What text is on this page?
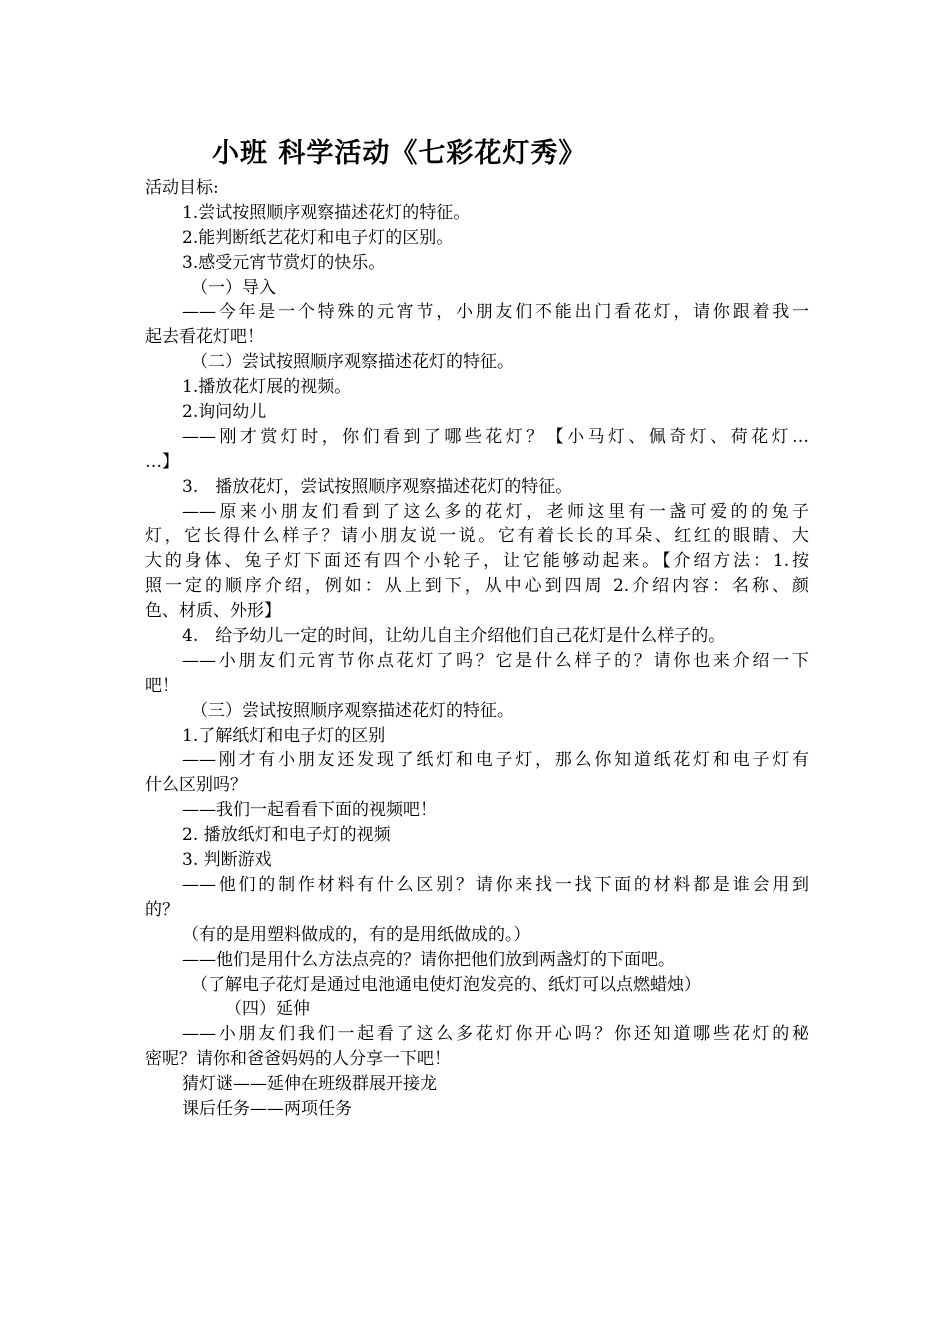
小班 科学活动《七彩花灯秀》

活动目标:

1.尝试按照顺序观察描述花灯的特征。

2.能判断纸艺花灯和电子灯的区别。

3.感受元宵节赏灯的快乐。

（一）导入

——今年是一个特殊的元宵节，小朋友们不能出门看花灯，请你跟着我一

起去看花灯吧！

（二）尝试按照顺序观察描述花灯的特征。

1.播放花灯展的视频。

2.询问幼儿

——刚才赏灯时，你们看到了哪些花灯？【小马灯、佩奇灯、荷花灯…

…】

3.　播放花灯，尝试按照顺序观察描述花灯的特征。

——原来小朋友们看到了这么多的花灯，老师这里有一盏可爱的的兔子

灯，它长得什么样子？请小朋友说一说。它有着长长的耳朵、红红的眼睛、大

大的身体、兔子灯下面还有四个小轮子，让它能够动起来。【介绍方法：1.按

照一定的顺序介绍，例如：从上到下，从中心到四周 2.介绍内容：名称、颜

色、材质、外形】

4.　给予幼儿一定的时间，让幼儿自主介绍他们自己花灯是什么样子的。

——小朋友们元宵节你点花灯了吗？它是什么样子的？请你也来介绍一下

吧！

（三）尝试按照顺序观察描述花灯的特征。

1.了解纸灯和电子灯的区别

——刚才有小朋友还发现了纸灯和电子灯，那么你知道纸花灯和电子灯有

什么区别吗？

——我们一起看看下面的视频吧！

2. 播放纸灯和电子灯的视频

3. 判断游戏

——他们的制作材料有什么区别？请你来找一找下面的材料都是谁会用到

的？

（有的是用塑料做成的，有的是用纸做成的。）

——他们是用什么方法点亮的？请你把他们放到两盏灯的下面吧。

（了解电子花灯是通过电池通电使灯泡发亮的、纸灯可以点燃蜡烛）

（四）延伸

——小朋友们我们一起看了这么多花灯你开心吗？你还知道哪些花灯的秘

密呢？请你和爸爸妈妈的人分享一下吧！

猜灯谜——延伸在班级群展开接龙

课后任务——两项任务
